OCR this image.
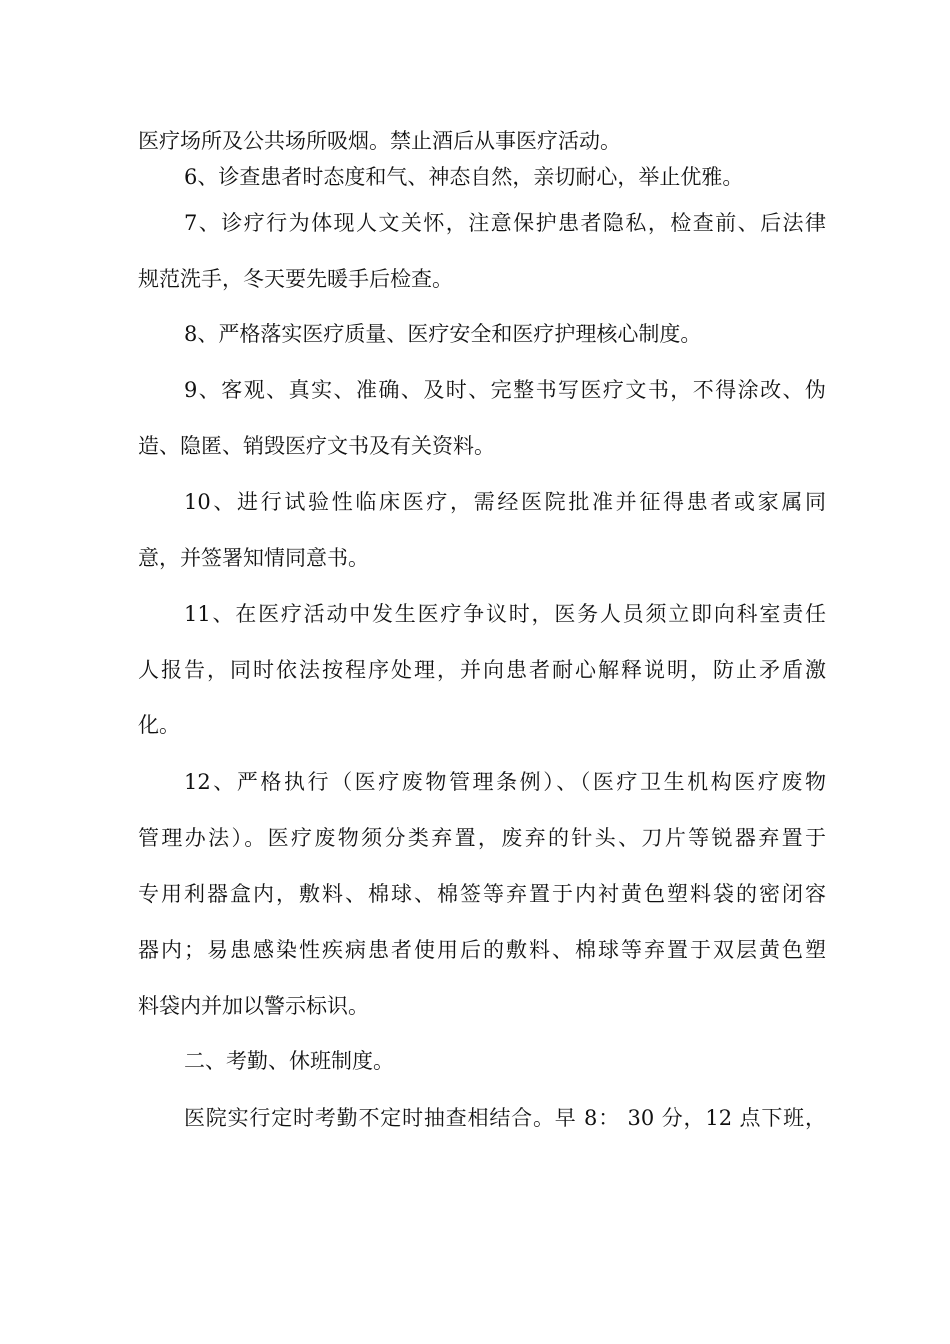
医疗场所及公共场所吸烟。禁止酒后从事医疗活动。
6、诊查患者时态度和气、神态自然，亲切耐心，举止优雅。
7、诊疗行为体现人文关怀，注意保护患者隐私，检查前、后法律
规范洗手，冬天要先暖手后检查。
8、严格落实医疗质量、医疗安全和医疗护理核心制度。
9、客观、真实、准确、及时、完整书写医疗文书，不得涂改、伪
造、隐匿、销毁医疗文书及有关资料。
10、进行试验性临床医疗，需经医院批准并征得患者或家属同
意，并签署知情同意书。
11、在医疗活动中发生医疗争议时，医务人员须立即向科室责任
人报告，同时依法按程序处理，并向患者耐心解释说明，防止矛盾激
化。
12、严格执行（医疗废物管理条例）、（医疗卫生机构医疗废物
管理办法）。医疗废物须分类弃置，废弃的针头、刀片等锐器弃置于
专用利器盒内，敷料、棉球、棉签等弃置于内衬黄色塑料袋的密闭容
器内；易患感染性疾病患者使用后的敷料、棉球等弃置于双层黄色塑
料袋内并加以警示标识。
二、考勤、休班制度。
医院实行定时考勤不定时抽查相结合。早 8： 30 分，12 点下班，
